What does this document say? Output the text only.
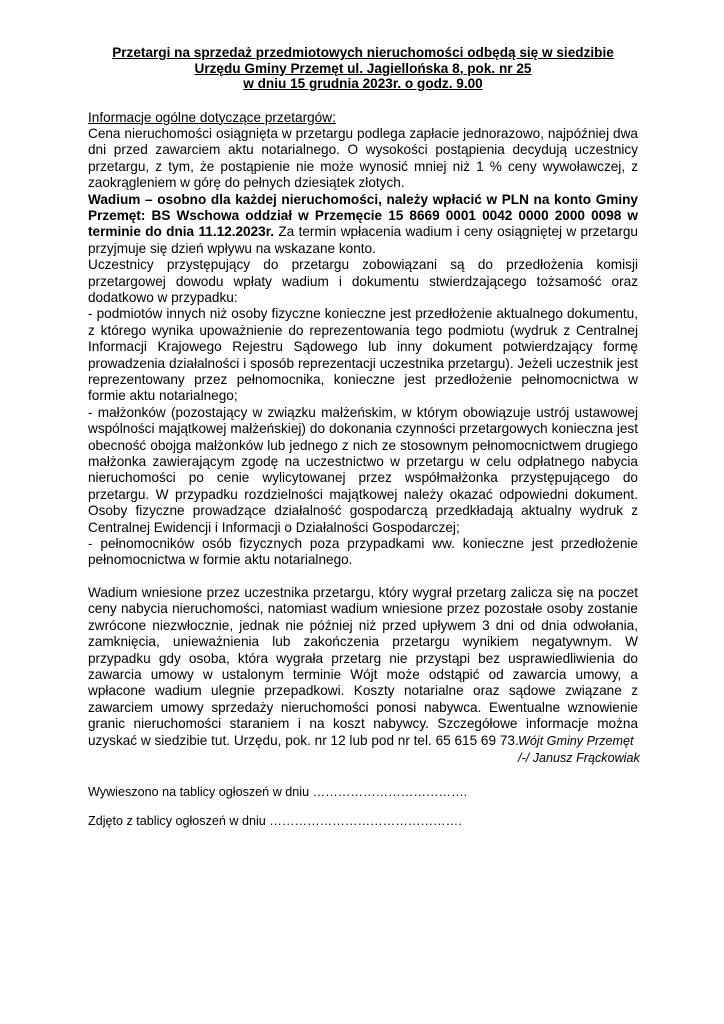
Przetargi na sprzedaż przedmiotowych nieruchomości odbędą się w siedzibie
Urzędu Gminy Przemęt ul. Jagiellońska 8, pok. nr 25
w dniu 15 grudnia 2023r. o godz. 9.00

Informacje ogólne dotyczące przetargów:

Cena nieruchomości osiągnięta w przetargu podlega zapłacie jednorazowo, najpóźniej dwa dni przed zawarciem aktu notarialnego. O wysokości postąpienia decydują uczestnicy przetargu, z tym, że postąpienie nie może wynosić mniej niż 1 % ceny wywoławczej, z zaokrągleniem w górę do pełnych dziesiątek złotych.

Wadium – osobno dla każdej nieruchomości, należy wpłacić w PLN na konto Gminy Przemęt: BS Wschowa oddział w Przemęcie 15 8669 0001 0042 0000 2000 0098 w terminie do dnia 11.12.2023r. Za termin wpłacenia wadium i ceny osiągniętej w przetargu przyjmuje się dzień wpływu na wskazane konto.

Uczestnicy przystępujący do przetargu zobowiązani są do przedłożenia komisji przetargowej dowodu wpłaty wadium i dokumentu stwierdzającego tożsamość oraz dodatkowo w przypadku:

- podmiotów innych niż osoby fizyczne konieczne jest przedłożenie aktualnego dokumentu, z którego wynika upoważnienie do reprezentowania tego podmiotu (wydruk z Centralnej Informacji Krajowego Rejestru Sądowego lub inny dokument potwierdzający formę prowadzenia działalności i sposób reprezentacji uczestnika przetargu). Jeżeli uczestnik jest reprezentowany przez pełnomocnika, konieczne jest przedłożenie pełnomocnictwa w formie aktu notarialnego;
- małżonków (pozostający w związku małżeńskim, w którym obowiązuje ustrój ustawowej wspólności majątkowej małżeńskiej) do dokonania czynności przetargowych konieczna jest obecność obojga małżonków lub jednego z nich ze stosownym pełnomocnictwem drugiego małżonka zawierającym zgodę na uczestnictwo w przetargu w celu odpłatnego nabycia nieruchomości po cenie wylicytowanej przez współmałżonka przystępującego do przetargu. W przypadku rozdzielności majątkowej należy okazać odpowiedni dokument. Osoby fizyczne prowadzące działalność gospodarczą przedkładają aktualny wydruk z Centralnej Ewidencji i Informacji o Działalności Gospodarczej;
- pełnomocników osób fizycznych poza przypadkami ww. konieczne jest przedłożenie pełnomocnictwa w formie aktu notarialnego.

Wadium wniesione przez uczestnika przetargu, który wygrał przetarg zalicza się na poczet ceny nabycia nieruchomości, natomiast wadium wniesione przez pozostałe osoby zostanie zwrócone niezwłocznie, jednak nie później niż przed upływem 3 dni od dnia odwołania, zamknięcia, unieważnienia lub zakończenia przetargu wynikiem negatywnym. W przypadku gdy osoba, która wygrała przetarg nie przystąpi bez usprawiedliwienia do zawarcia umowy w ustalonym terminie Wójt może odstąpić od zawarcia umowy, a wpłacone wadium ulegnie przepadkowi. Koszty notarialne oraz sądowe związane z zawarciem umowy sprzedaży nieruchomości ponosi nabywca. Ewentualne wznowienie granic nieruchomości staraniem i na koszt nabywcy. Szczegółowe informacje można uzyskać w siedzibie tut. Urzędu, pok. nr 12 lub pod nr tel. 65 615 69 73. Wójt Gminy Przemęt
/-/ Janusz Frąckowiak
Wywieszono na tablicy ogłoszeń w dniu ……………………………….
Zdjęto z tablicy ogłoszeń w dniu ……………………………………….
